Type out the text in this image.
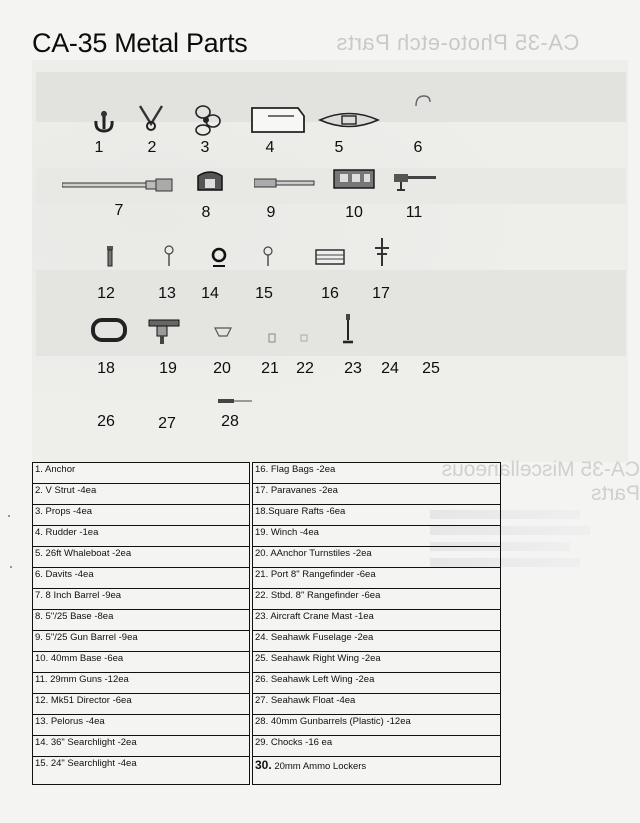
CA-35 Metal Parts	CA-35 Photo-etch Parts
1	2	3	4	5	6
7	8	9	10	11
12	13 14 15	16 17
18	19 20 21 22 23 24 25
26	27	28
CA-35 Miscellaneous Parts
1. Anchor
2. V Strut -4ea
3. Props -4ea
4. Rudder -1ea
5. 26ft Whaleboat -2ea
6. Davits -4ea
7. 8 Inch Barrel -9ea
8. 5"/25 Base -8ea
9. 5"/25 Gun Barrel -9ea
10. 40mm Base -6ea
11. 29mm Guns -12ea
12. Mk51 Director -6ea
13. Pelorus -4ea
14. 36" Searchlight -2ea
15. 24" Searchlight -4ea
16. Flag Bags -2ea
17. Paravanes -2ea
18.Square Rafts -6ea
19. Winch -4ea
20. AAnchor Turnstiles -2ea
21. Port 8" Rangefinder -6ea
22. Stbd. 8" Rangefinder -6ea
23. Aircraft Crane Mast -1ea
24. Seahawk Fuselage -2ea
25. Seahawk Right Wing -2ea
26. Seahawk Left Wing -2ea
27. Seahawk Float -4ea
28. 40mm Gunbarrels (Plastic) -12ea
29. Chocks -16 ea
30. 20mm Ammo Lockers
